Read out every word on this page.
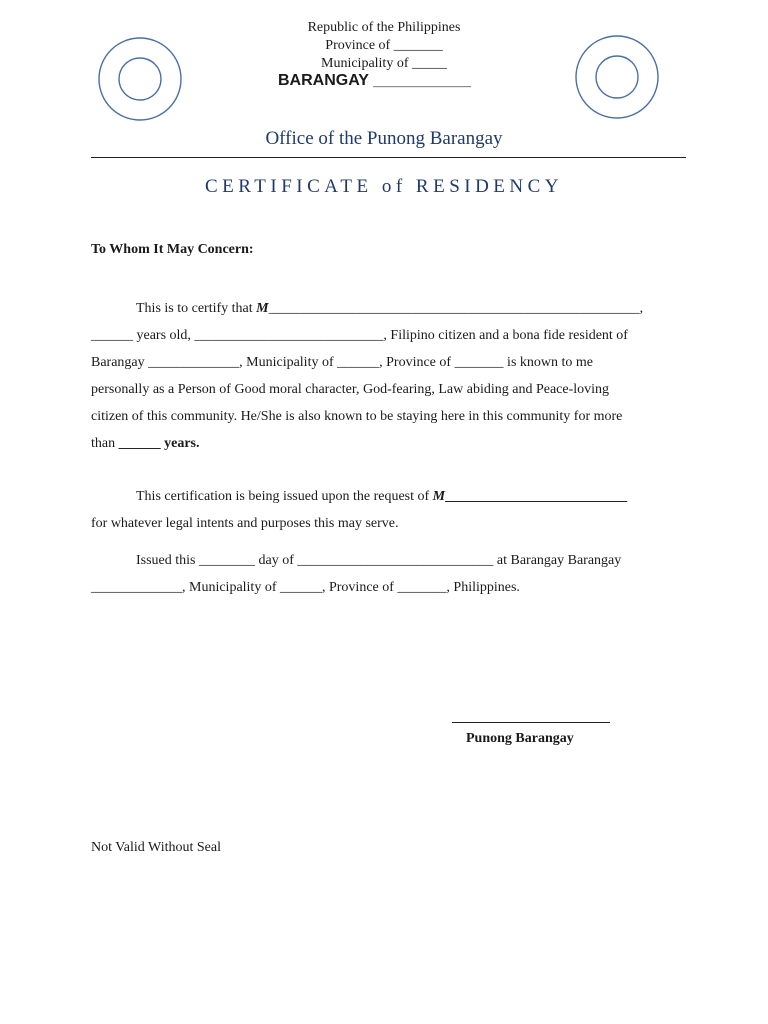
Republic of the Philippines
Province of _______
Municipality of _____
BARANGAY ___________
Office of the Punong Barangay
CERTIFICATE of RESIDENCY
To Whom It May Concern:
This is to certify that M_____________________________________________________,
______ years old, ___________________________, Filipino citizen and a bona fide resident of
Barangay _____________, Municipality of ______, Province of _______ is known to me
personally as a Person of Good moral character, God-fearing, Law abiding and Peace-loving
citizen of this community. He/She is also known to be staying here in this community for more
than ______ years.
This certification is being issued upon the request of M__________________________
for whatever legal intents and purposes this may serve.
Issued this ________ day of ____________________________ at Barangay Barangay
_____________, Municipality of ______, Province of _______, Philippines.
Punong Barangay
Not Valid Without Seal
